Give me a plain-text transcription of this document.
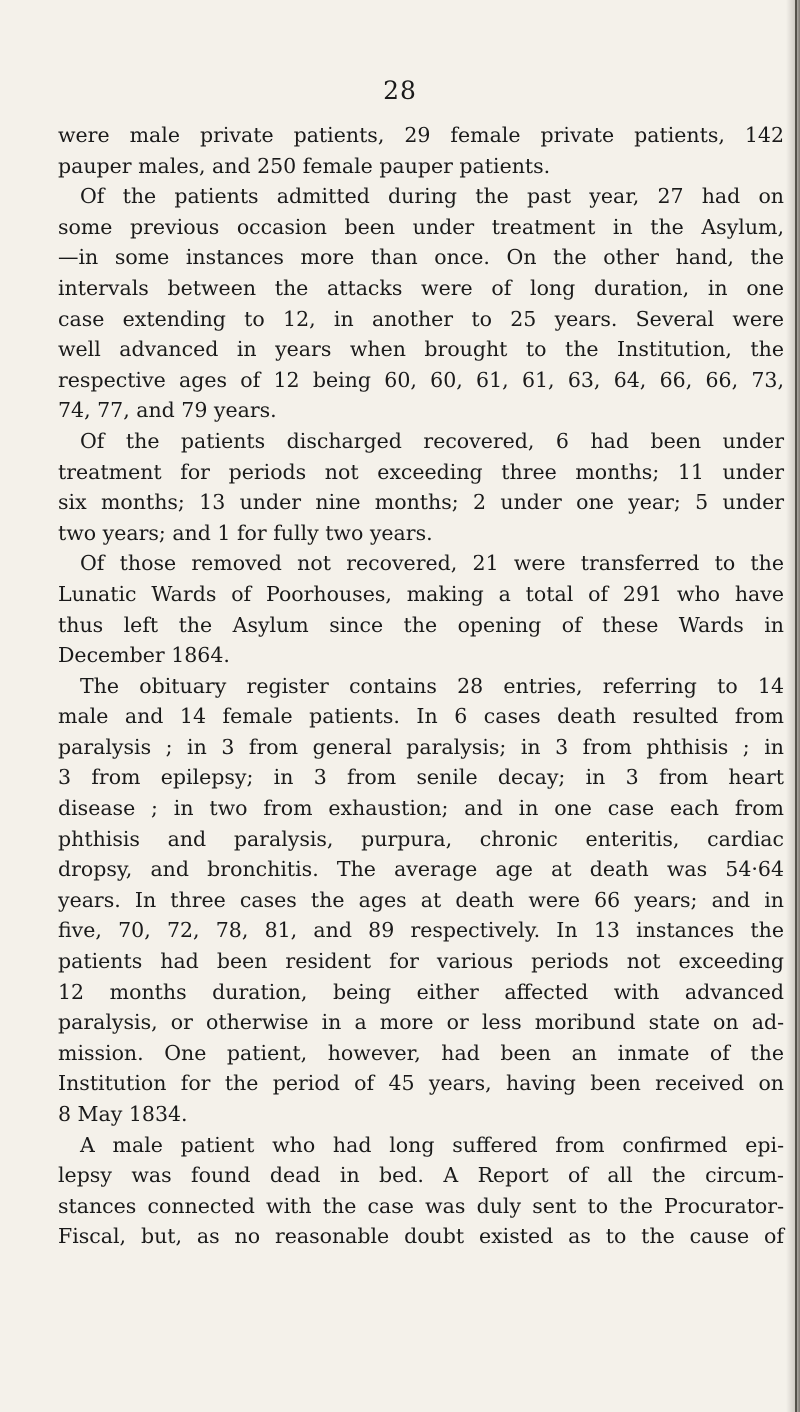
28
were male private patients, 29 female private patients, 142
pauper males, and 250 female pauper patients.
Of the patients admitted during the past year, 27 had on
some previous occasion been under treatment in the Asylum,
—in some instances more than once. On the other hand, the
intervals between the attacks were of long duration, in one
case extending to 12, in another to 25 years. Several were
well advanced in years when brought to the Institution, the
respective ages of 12 being 60, 60, 61, 61, 63, 64, 66, 66, 73,
74, 77, and 79 years.
Of the patients discharged recovered, 6 had been under
treatment for periods not exceeding three months; 11 under
six months; 13 under nine months; 2 under one year; 5 under
two years; and 1 for fully two years.
Of those removed not recovered, 21 were transferred to the
Lunatic Wards of Poorhouses, making a total of 291 who have
thus left the Asylum since the opening of these Wards in
December 1864.
The obituary register contains 28 entries, referring to 14
male and 14 female patients. In 6 cases death resulted from
paralysis ; in 3 from general paralysis; in 3 from phthisis ; in
3 from epilepsy; in 3 from senile decay; in 3 from heart
disease ; in two from exhaustion; and in one case each from
phthisis and paralysis, purpura, chronic enteritis, cardiac
dropsy, and bronchitis. The average age at death was 54·64
years. In three cases the ages at death were 66 years; and in
five, 70, 72, 78, 81, and 89 respectively. In 13 instances the
patients had been resident for various periods not exceeding
12 months duration, being either affected with advanced
paralysis, or otherwise in a more or less moribund state on ad-
mission. One patient, however, had been an inmate of the
Institution for the period of 45 years, having been received on
8 May 1834.
A male patient who had long suffered from confirmed epi-
lepsy was found dead in bed. A Report of all the circum-
stances connected with the case was duly sent to the Procurator-
Fiscal, but, as no reasonable doubt existed as to the cause of
